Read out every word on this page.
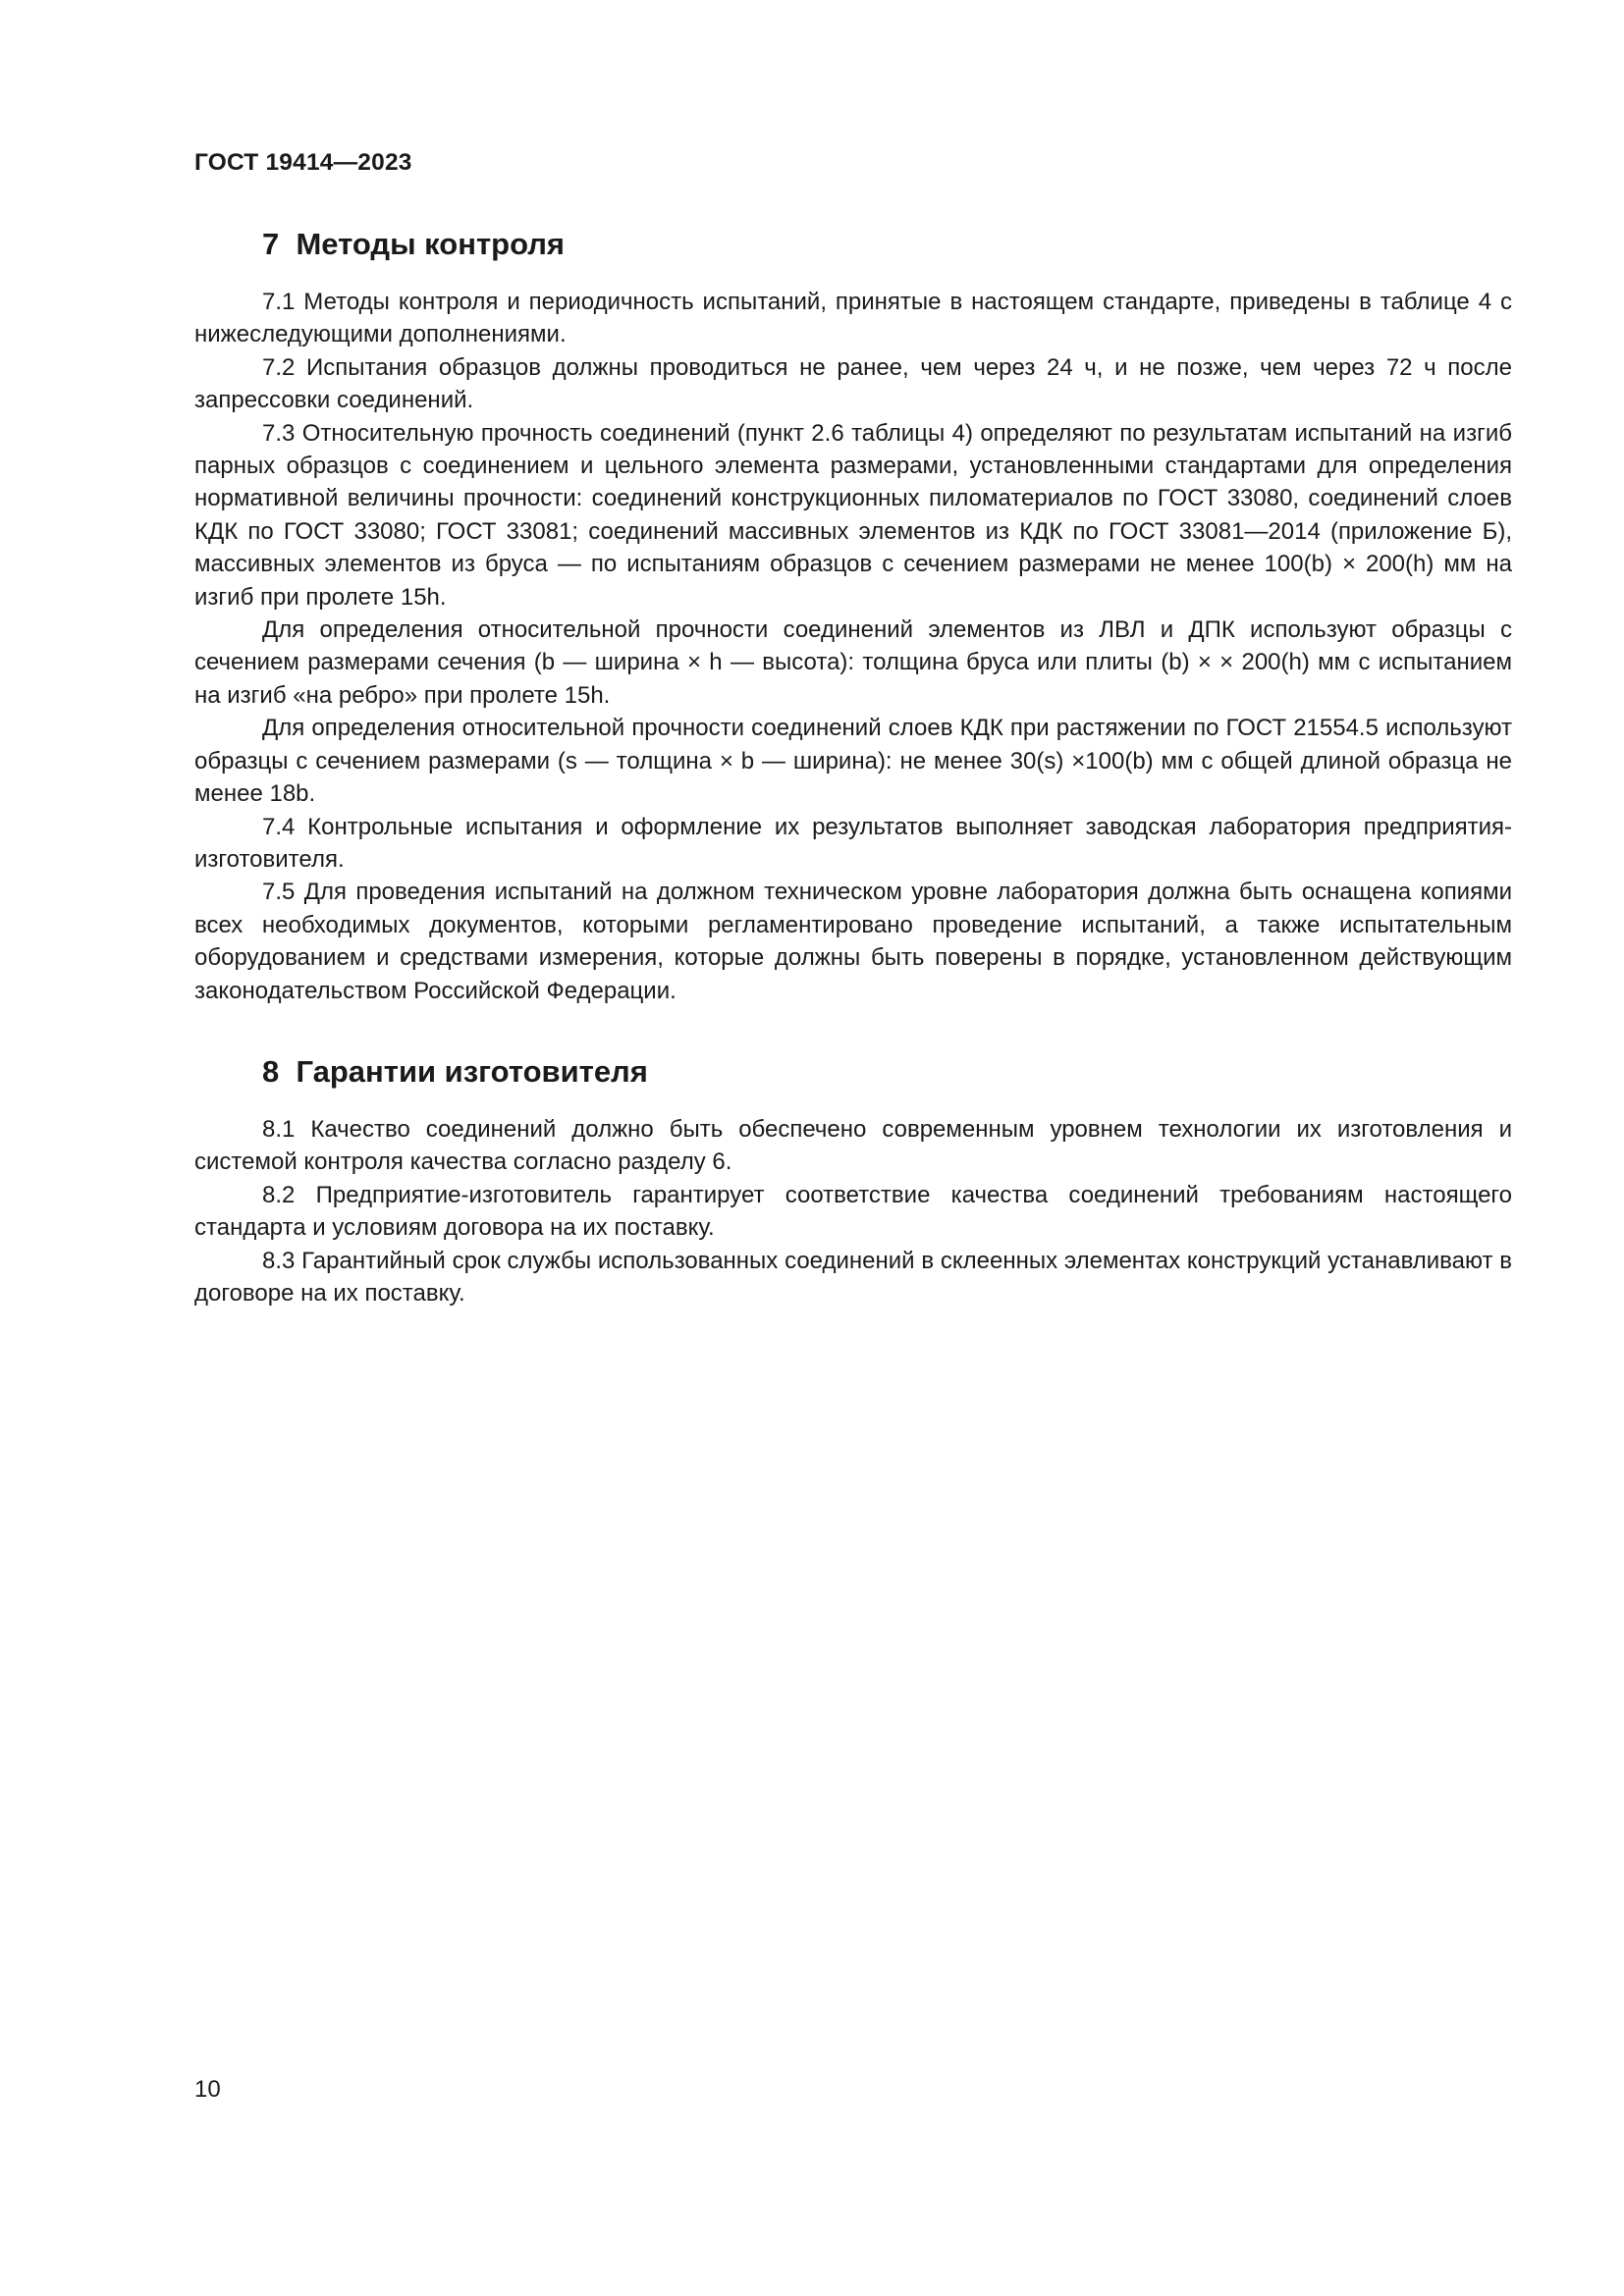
ГОСТ 19414—2023
7  Методы контроля

7.1 Методы контроля и периодичность испытаний, принятые в настоящем стандарте, приведены в таблице 4 с нижеследующими дополнениями.

7.2 Испытания образцов должны проводиться не ранее, чем через 24 ч, и не позже, чем через 72 ч после запрессовки соединений.

7.3 Относительную прочность соединений (пункт 2.6 таблицы 4) определяют по результатам испытаний на изгиб парных образцов с соединением и цельного элемента размерами, установленными стандартами для определения нормативной величины прочности: соединений конструкционных пиломатериалов по ГОСТ 33080, соединений слоев КДК по ГОСТ 33080; ГОСТ 33081; соединений массивных элементов из КДК по ГОСТ 33081—2014 (приложение Б), массивных элементов из бруса — по испытаниям образцов с сечением размерами не менее 100(b) × 200(h) мм на изгиб при пролете 15h.

Для определения относительной прочности соединений элементов из ЛВЛ и ДПК используют образцы с сечением размерами сечения (b — ширина × h — высота): толщина бруса или плиты (b) × × 200(h) мм с испытанием на изгиб «на ребро» при пролете 15h.

Для определения относительной прочности соединений слоев КДК при растяжении по ГОСТ 21554.5 используют образцы с сечением размерами (s — толщина × b — ширина): не менее 30(s) ×100(b) мм с общей длиной образца не менее 18b.

7.4 Контрольные испытания и оформление их результатов выполняет заводская лаборатория предприятия-изготовителя.

7.5 Для проведения испытаний на должном техническом уровне лаборатория должна быть оснащена копиями всех необходимых документов, которыми регламентировано проведение испытаний, а также испытательным оборудованием и средствами измерения, которые должны быть поверены в порядке, установленном действующим законодательством Российской Федерации.

8  Гарантии изготовителя

8.1 Качество соединений должно быть обеспечено современным уровнем технологии их изготовления и системой контроля качества согласно разделу 6.

8.2 Предприятие-изготовитель гарантирует соответствие качества соединений требованиям настоящего стандарта и условиям договора на их поставку.

8.3 Гарантийный срок службы использованных соединений в склеенных элементах конструкций устанавливают в договоре на их поставку.

10
